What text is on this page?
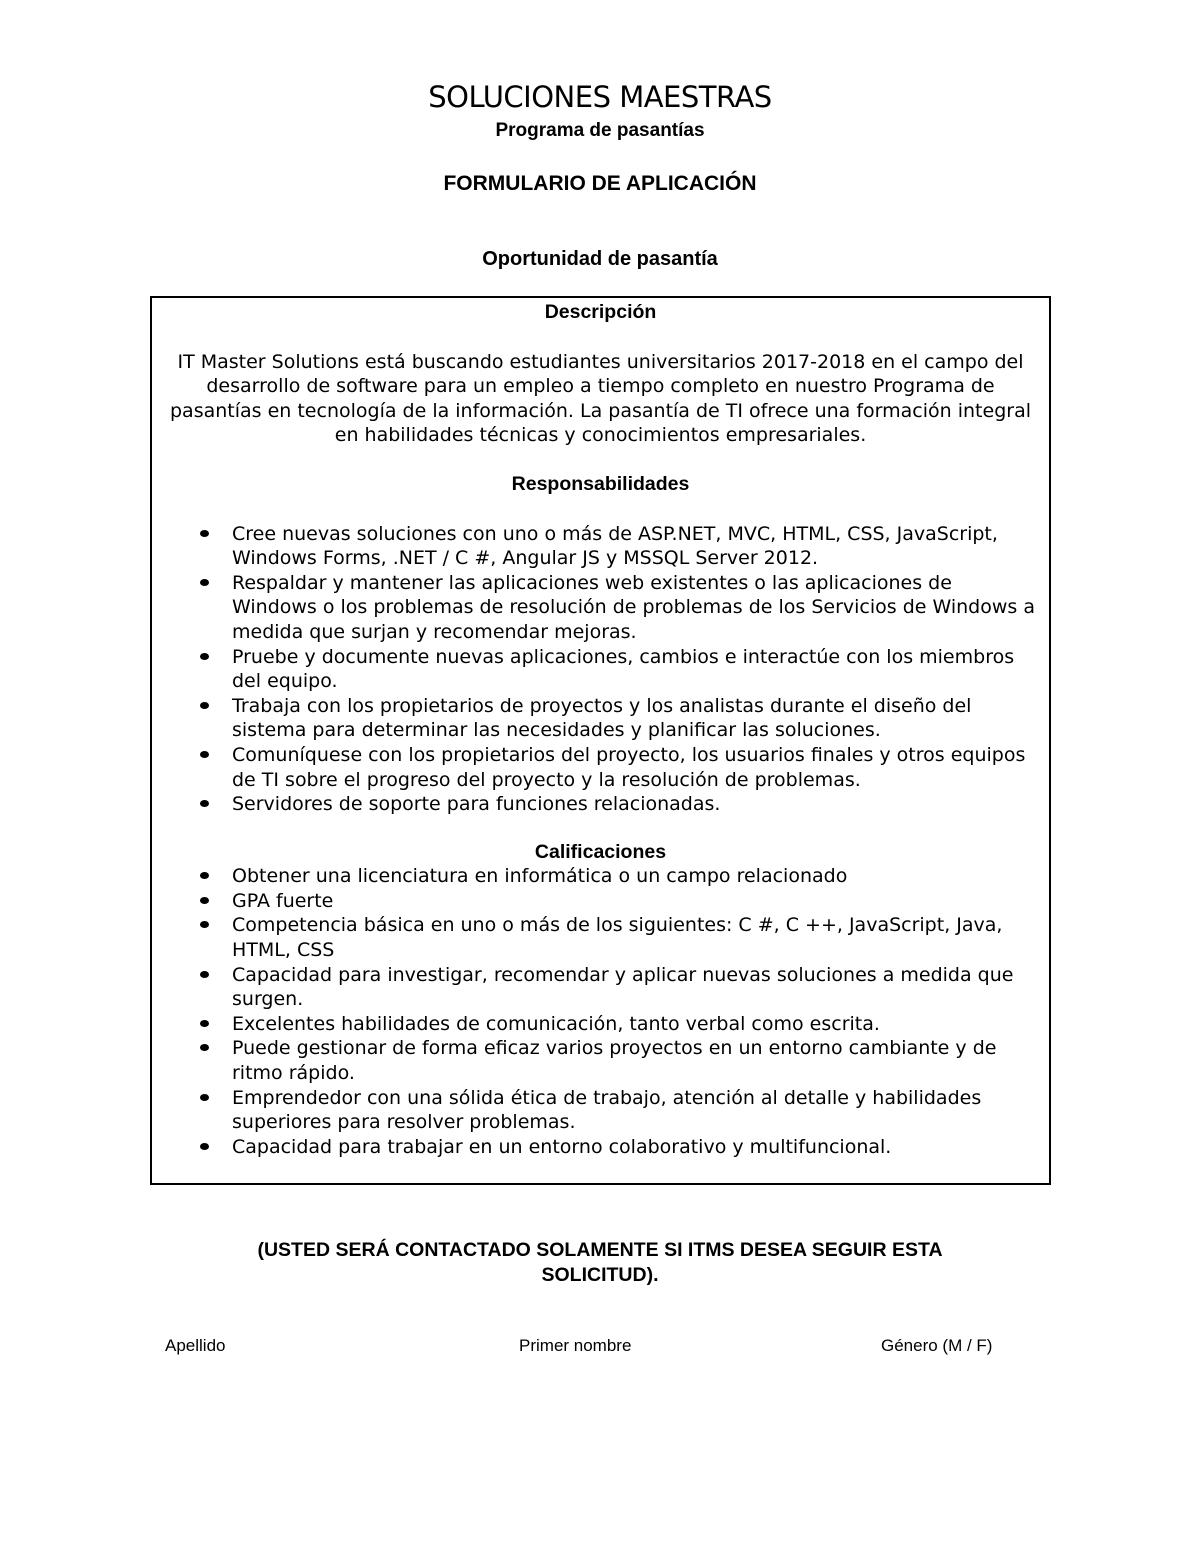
SOLUCIONES MAESTRAS
Programa de pasantías
FORMULARIO DE APLICACIÓN
Oportunidad de pasantía
Descripción
IT Master Solutions está buscando estudiantes universitarios 2017-2018 en el campo del desarrollo de software para un empleo a tiempo completo en nuestro Programa de pasantías en tecnología de la información. La pasantía de TI ofrece una formación integral en habilidades técnicas y conocimientos empresariales.
Responsabilidades
Cree nuevas soluciones con uno o más de ASP.NET, MVC, HTML, CSS, JavaScript, Windows Forms, .NET / C #, Angular JS y MSSQL Server 2012.
Respaldar y mantener las aplicaciones web existentes o las aplicaciones de Windows o los problemas de resolución de problemas de los Servicios de Windows a medida que surjan y recomendar mejoras.
Pruebe y documente nuevas aplicaciones, cambios e interactúe con los miembros del equipo.
Trabaja con los propietarios de proyectos y los analistas durante el diseño del sistema para determinar las necesidades y planificar las soluciones.
Comuníquese con los propietarios del proyecto, los usuarios finales y otros equipos de TI sobre el progreso del proyecto y la resolución de problemas.
Servidores de soporte para funciones relacionadas.
Calificaciones
Obtener una licenciatura en informática o un campo relacionado
GPA fuerte
Competencia básica en uno o más de los siguientes: C #, C ++, JavaScript, Java, HTML, CSS
Capacidad para investigar, recomendar y aplicar nuevas soluciones a medida que surgen.
Excelentes habilidades de comunicación, tanto verbal como escrita.
Puede gestionar de forma eficaz varios proyectos en un entorno cambiante y de ritmo rápido.
Emprendedor con una sólida ética de trabajo, atención al detalle y habilidades superiores para resolver problemas.
Capacidad para trabajar en un entorno colaborativo y multifuncional.
(USTED SERÁ CONTACTADO SOLAMENTE SI ITMS DESEA SEGUIR ESTA
SOLICITUD).
Apellido	Primer nombre	Género (M / F)
